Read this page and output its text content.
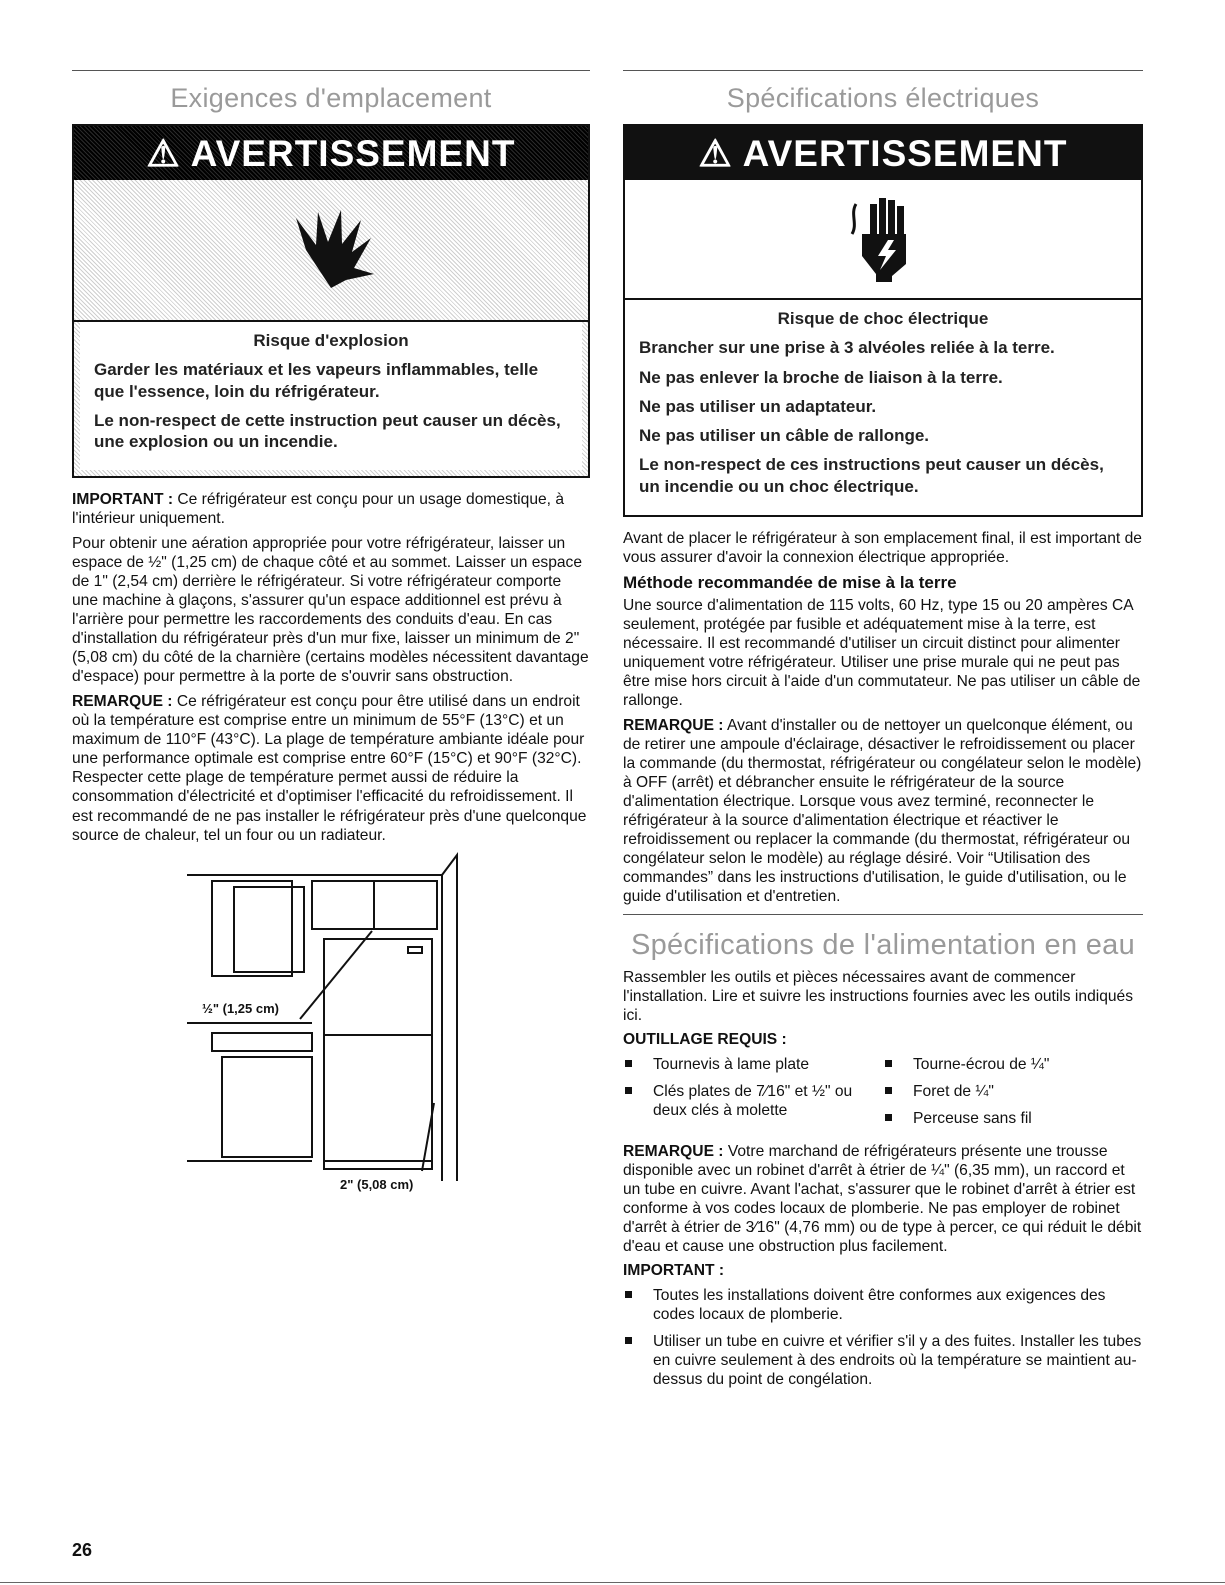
Exigences d'emplacement
⚠ AVERTISSEMENT

Risque d'explosion

Garder les matériaux et les vapeurs inflammables, telle que l'essence, loin du réfrigérateur.

Le non-respect de cette instruction peut causer un décès, une explosion ou un incendie.

IMPORTANT : Ce réfrigérateur est conçu pour un usage domestique, à l'intérieur uniquement.

Pour obtenir une aération appropriée pour votre réfrigérateur, laisser un espace de ½" (1,25 cm) de chaque côté et au sommet. Laisser un espace de 1" (2,54 cm) derrière le réfrigérateur. Si votre réfrigérateur comporte une machine à glaçons, s'assurer qu'un espace additionnel est prévu à l'arrière pour permettre les raccordements des conduits d'eau. En cas d'installation du réfrigérateur près d'un mur fixe, laisser un minimum de 2" (5,08 cm) du côté de la charnière (certains modèles nécessitent davantage d'espace) pour permettre à la porte de s'ouvrir sans obstruction.

REMARQUE : Ce réfrigérateur est conçu pour être utilisé dans un endroit où la température est comprise entre un minimum de 55°F (13°C) et un maximum de 110°F (43°C). La plage de température ambiante idéale pour une performance optimale est comprise entre 60°F (15°C) et 90°F (32°C). Respecter cette plage de température permet aussi de réduire la consommation d'électricité et d'optimiser l'efficacité du refroidissement. Il est recommandé de ne pas installer le réfrigérateur près d'une quelconque source de chaleur, tel un four ou un radiateur.

½" (1,25 cm)
2" (5,08 cm)
Spécifications électriques
⚠ AVERTISSEMENT

Risque de choc électrique

Brancher sur une prise à 3 alvéoles reliée à la terre.

Ne pas enlever la broche de liaison à la terre.

Ne pas utiliser un adaptateur.

Ne pas utiliser un câble de rallonge.

Le non-respect de ces instructions peut causer un décès, un incendie ou un choc électrique.

Avant de placer le réfrigérateur à son emplacement final, il est important de vous assurer d'avoir la connexion électrique appropriée.

Méthode recommandée de mise à la terre

Une source d'alimentation de 115 volts, 60 Hz, type 15 ou 20 ampères CA seulement, protégée par fusible et adéquatement mise à la terre, est nécessaire. Il est recommandé d'utiliser un circuit distinct pour alimenter uniquement votre réfrigérateur. Utiliser une prise murale qui ne peut pas être mise hors circuit à l'aide d'un commutateur. Ne pas utiliser un câble de rallonge.

REMARQUE : Avant d'installer ou de nettoyer un quelconque élément, ou de retirer une ampoule d'éclairage, désactiver le refroidissement ou placer la commande (du thermostat, réfrigérateur ou congélateur selon le modèle) à OFF (arrêt) et débrancher ensuite le réfrigérateur de la source d'alimentation électrique. Lorsque vous avez terminé, reconnecter le réfrigérateur à la source d'alimentation électrique et réactiver le refroidissement ou replacer la commande (du thermostat, réfrigérateur ou congélateur selon le modèle) au réglage désiré. Voir “Utilisation des commandes” dans les instructions d'utilisation, le guide d'utilisation, ou le guide d'utilisation et d'entretien.

Spécifications de l'alimentation en eau

Rassembler les outils et pièces nécessaires avant de commencer l'installation. Lire et suivre les instructions fournies avec les outils indiqués ici.

OUTILLAGE REQUIS :
Tournevis à lame plate
Clés plates de 7⁄16" et ½" ou deux clés à molette
Tourne-écrou de ¼"
Foret de ¼"
Perceuse sans fil

REMARQUE : Votre marchand de réfrigérateurs présente une trousse disponible avec un robinet d'arrêt à étrier de ¼" (6,35 mm), un raccord et un tube en cuivre. Avant l'achat, s'assurer que le robinet d'arrêt à étrier est conforme à vos codes locaux de plomberie. Ne pas employer de robinet d'arrêt à étrier de 3⁄16" (4,76 mm) ou de type à percer, ce qui réduit le débit d'eau et cause une obstruction plus facilement.

IMPORTANT :
Toutes les installations doivent être conformes aux exigences des codes locaux de plomberie.
Utiliser un tube en cuivre et vérifier s'il y a des fuites. Installer les tubes en cuivre seulement à des endroits où la température se maintient au-dessus du point de congélation.
26
